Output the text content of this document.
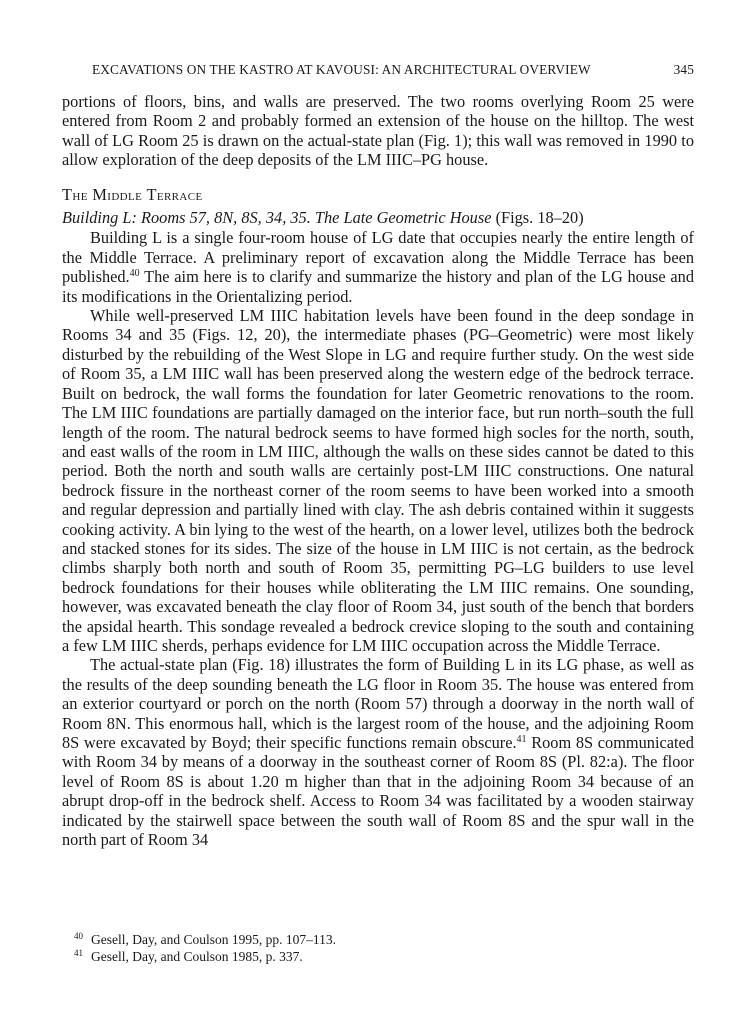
EXCAVATIONS ON THE KASTRO AT KAVOUSI: AN ARCHITECTURAL OVERVIEW	345

portions of floors, bins, and walls are preserved. The two rooms overlying Room 25 were entered from Room 2 and probably formed an extension of the house on the hilltop. The west wall of LG Room 25 is drawn on the actual-state plan (Fig. 1); this wall was removed in 1990 to allow exploration of the deep deposits of the LM IIIC–PG house.

The Middle Terrace

Building L: Rooms 57, 8N, 8S, 34, 35. The Late Geometric House (Figs. 18–20)

Building L is a single four-room house of LG date that occupies nearly the entire length of the Middle Terrace. A preliminary report of excavation along the Middle Terrace has been published.$^{40}$ The aim here is to clarify and summarize the history and plan of the LG house and its modifications in the Orientalizing period.

While well-preserved LM IIIC habitation levels have been found in the deep sondage in Rooms 34 and 35 (Figs. 12, 20), the intermediate phases (PG–Geometric) were most likely disturbed by the rebuilding of the West Slope in LG and require further study. On the west side of Room 35, a LM IIIC wall has been preserved along the western edge of the bedrock terrace. Built on bedrock, the wall forms the foundation for later Geometric renovations to the room. The LM IIIC foundations are partially damaged on the interior face, but run north–south the full length of the room. The natural bedrock seems to have formed high socles for the north, south, and east walls of the room in LM IIIC, although the walls on these sides cannot be dated to this period. Both the north and south walls are certainly post-LM IIIC constructions. One natural bedrock fissure in the northeast corner of the room seems to have been worked into a smooth and regular depression and partially lined with clay. The ash debris contained within it suggests cooking activity. A bin lying to the west of the hearth, on a lower level, utilizes both the bedrock and stacked stones for its sides. The size of the house in LM IIIC is not certain, as the bedrock climbs sharply both north and south of Room 35, permitting PG–LG builders to use level bedrock foundations for their houses while obliterating the LM IIIC remains. One sounding, however, was excavated beneath the clay floor of Room 34, just south of the bench that borders the apsidal hearth. This sondage revealed a bedrock crevice sloping to the south and containing a few LM IIIC sherds, perhaps evidence for LM IIIC occupation across the Middle Terrace.

The actual-state plan (Fig. 18) illustrates the form of Building L in its LG phase, as well as the results of the deep sounding beneath the LG floor in Room 35. The house was entered from an exterior courtyard or porch on the north (Room 57) through a doorway in the north wall of Room 8N. This enormous hall, which is the largest room of the house, and the adjoining Room 8S were excavated by Boyd; their specific functions remain obscure.$^{41}$ Room 8S communicated with Room 34 by means of a doorway in the southeast corner of Room 8S (Pl. 82:a). The floor level of Room 8S is about 1.20 m higher than that in the adjoining Room 34 because of an abrupt drop-off in the bedrock shelf. Access to Room 34 was facilitated by a wooden stairway indicated by the stairwell space between the south wall of Room 8S and the spur wall in the north part of Room 34

$^{40}$ Gesell, Day, and Coulson 1995, pp. 107–113.
$^{41}$ Gesell, Day, and Coulson 1985, p. 337.
